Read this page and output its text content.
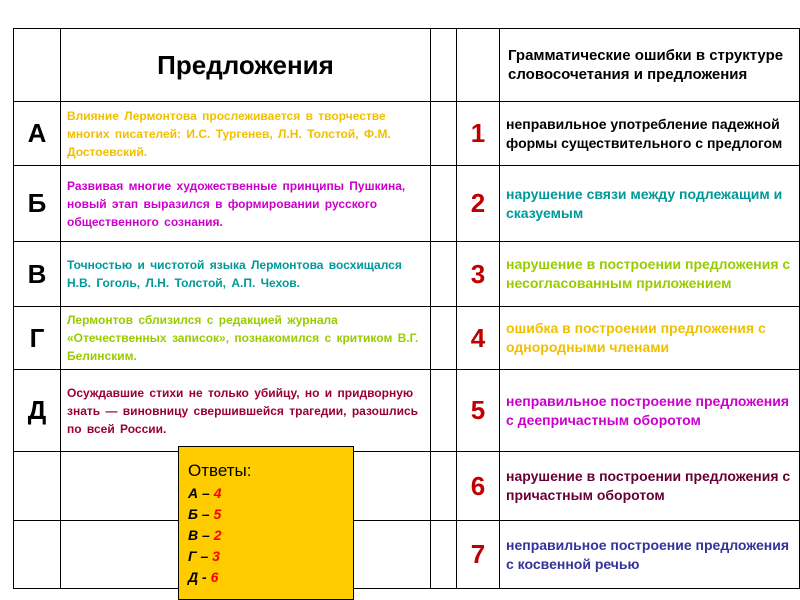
	Предложения			Грамматические ошибки в структуре словосочетания и предложения
А	Влияние Лермонтова прослеживается в творчестве многих писателей: И.С. Тургенев, Л.Н. Толстой, Ф.М. Достоевский.		1	неправильное употребление падежной формы существительного с предлогом
Б	Развивая многие художественные принципы Пушкина, новый этап выразился в формировании русского общественного сознания.		2	нарушение связи между подлежащим и сказуемым
В	Точностью и чистотой языка Лермонтова восхищался Н.В. Гоголь, Л.Н. Толстой, А.П. Чехов.		3	нарушение в построении предложения с несогласованным приложением
Г	Лермонтов сблизился с редакцией журнала «Отечественных записок», познакомился с критиком В.Г. Белинским.		4	ошибка в построении предложения с однородными членами
Д	Осуждавшие стихи не только убийцу, но и придворную знать — виновницу свершившейся трагедии, разошлись по всей России.		5	неправильное построение предложения с деепричастным оборотом
			6	нарушение в построении предложения с причастным оборотом
			7	неправильное построение предложения с косвенной речью
Ответы:
А – 4
Б – 5
В – 2
Г – 3
Д - 6
